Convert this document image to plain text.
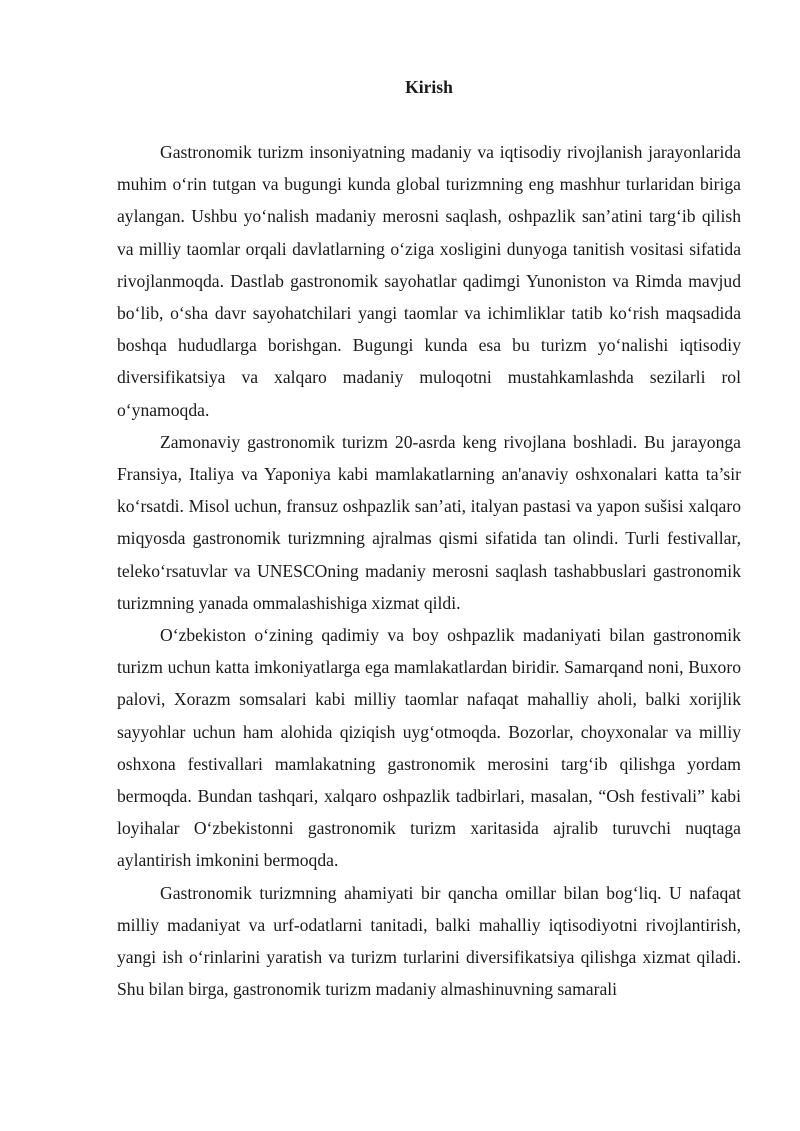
Kirish

Gastronomik turizm insoniyatning madaniy va iqtisodiy rivojlanish jarayonlarida muhim o‘rin tutgan va bugungi kunda global turizmning eng mashhur turlaridan biriga aylangan. Ushbu yo‘nalish madaniy merosni saqlash, oshpazlik san’atini targ‘ib qilish va milliy taomlar orqali davlatlarning o‘ziga xosligini dunyoga tanitish vositasi sifatida rivojlanmoqda. Dastlab gastronomik sayohatlar qadimgi Yunoniston va Rimda mavjud bo‘lib, o‘sha davr sayohatchilari yangi taomlar va ichimliklar tatib ko‘rish maqsadida boshqa hududlarga borishgan. Bugungi kunda esa bu turizm yo‘nalishi iqtisodiy diversifikatsiya va xalqaro madaniy muloqotni mustahkamlashda sezilarli rol o‘ynamoqda.

Zamonaviy gastronomik turizm 20-asrda keng rivojlana boshladi. Bu jarayonga Fransiya, Italiya va Yaponiya kabi mamlakatlarning an'anaviy oshxonalari katta ta’sir ko‘rsatdi. Misol uchun, fransuz oshpazlik san’ati, italyan pastasi va yapon sušisi xalqaro miqyosda gastronomik turizmning ajralmas qismi sifatida tan olindi. Turli festivallar, teleko‘rsatuvlar va UNESCOning madaniy merosni saqlash tashabbuslari gastronomik turizmning yanada ommalashishiga xizmat qildi.

O‘zbekiston o‘zining qadimiy va boy oshpazlik madaniyati bilan gastronomik turizm uchun katta imkoniyatlarga ega mamlakatlardan biridir. Samarqand noni, Buxoro palovi, Xorazm somsalari kabi milliy taomlar nafaqat mahalliy aholi, balki xorijlik sayyohlar uchun ham alohida qiziqish uyg‘otmoqda. Bozorlar, choyxonalar va milliy oshxona festivallari mamlakatning gastronomik merosini targ‘ib qilishga yordam bermoqda. Bundan tashqari, xalqaro oshpazlik tadbirlari, masalan, “Osh festivali” kabi loyihalar O‘zbekistonni gastronomik turizm xaritasida ajralib turuvchi nuqtaga aylantirish imkonini bermoqda.

Gastronomik turizmning ahamiyati bir qancha omillar bilan bog‘liq. U nafaqat milliy madaniyat va urf-odatlarni tanitadi, balki mahalliy iqtisodiyotni rivojlantirish, yangi ish o‘rinlarini yaratish va turizm turlarini diversifikatsiya qilishga xizmat qiladi. Shu bilan birga, gastronomik turizm madaniy almashinuvning samarali
